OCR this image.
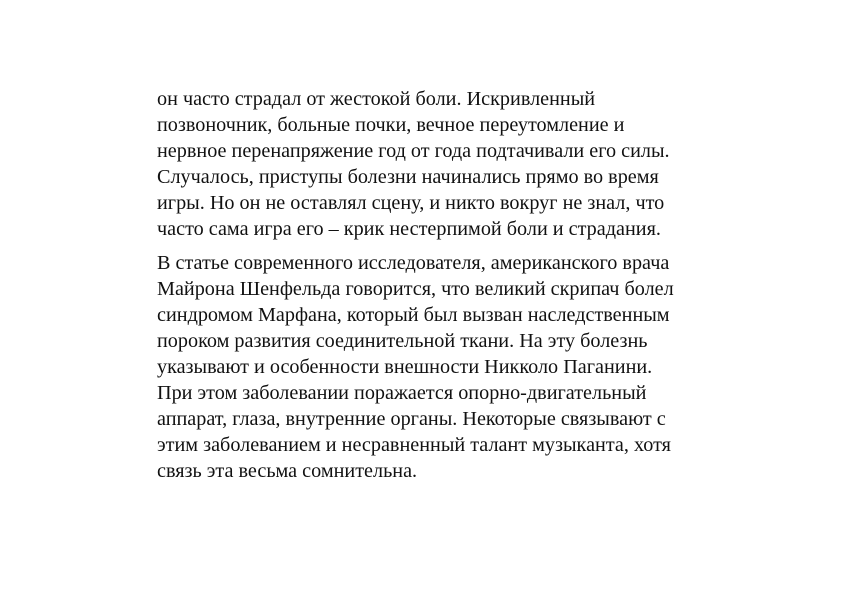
он часто страдал от жестокой боли. Искривленный
позвоночник, больные почки, вечное переутомление и
нервное перенапряжение год от года подтачивали его силы.
Случалось, приступы болезни начинались прямо во время
игры. Но он не оставлял сцену, и никто вокруг не знал, что
часто сама игра его – крик нестерпимой боли и страдания.

В статье современного исследователя, американского врача
Майрона Шенфельда говорится, что великий скрипач болел
синдромом Марфана, который был вызван наследственным
пороком развития соединительной ткани. На эту болезнь
указывают и особенности внешности Никколо Паганини.
При этом заболевании поражается опорно-двигательный
аппарат, глаза, внутренние органы. Некоторые связывают с
этим заболеванием и несравненный талант музыканта, хотя
связь эта весьма сомнительна.
